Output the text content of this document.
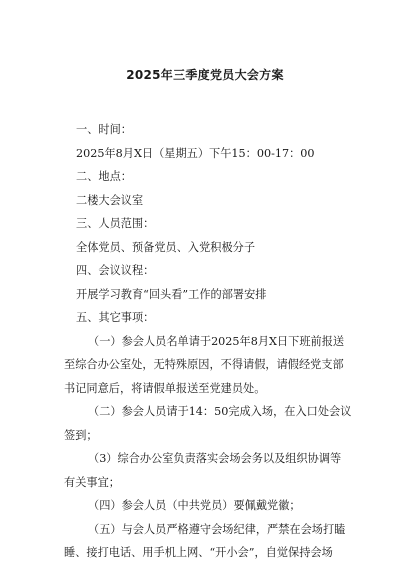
2025年三季度党员大会方案

一、时间：

2025年8月X日（星期五）下午15：00-17：00

二、地点：

二楼大会议室

三、人员范围：

全体党员、预备党员、入党积极分子

四、会议议程：

开展学习教育“回头看”工作的部署安排

五、其它事项：

（一）参会人员名单请于2025年8月X日下班前报送
至综合办公室处，无特殊原因，不得请假，请假经党支部
书记同意后，将请假单报送至党建员处。
（二）参会人员请于14：50完成入场，在入口处会议
签到；
（3）综合办公室负责落实会场会务以及组织协调等
有关事宜；
（四）参会人员（中共党员）要佩戴党徽；
（五）与会人员严格遵守会场纪律，严禁在会场打瞌
睡、接打电话、用手机上网、“开小会”，自觉保持会场
